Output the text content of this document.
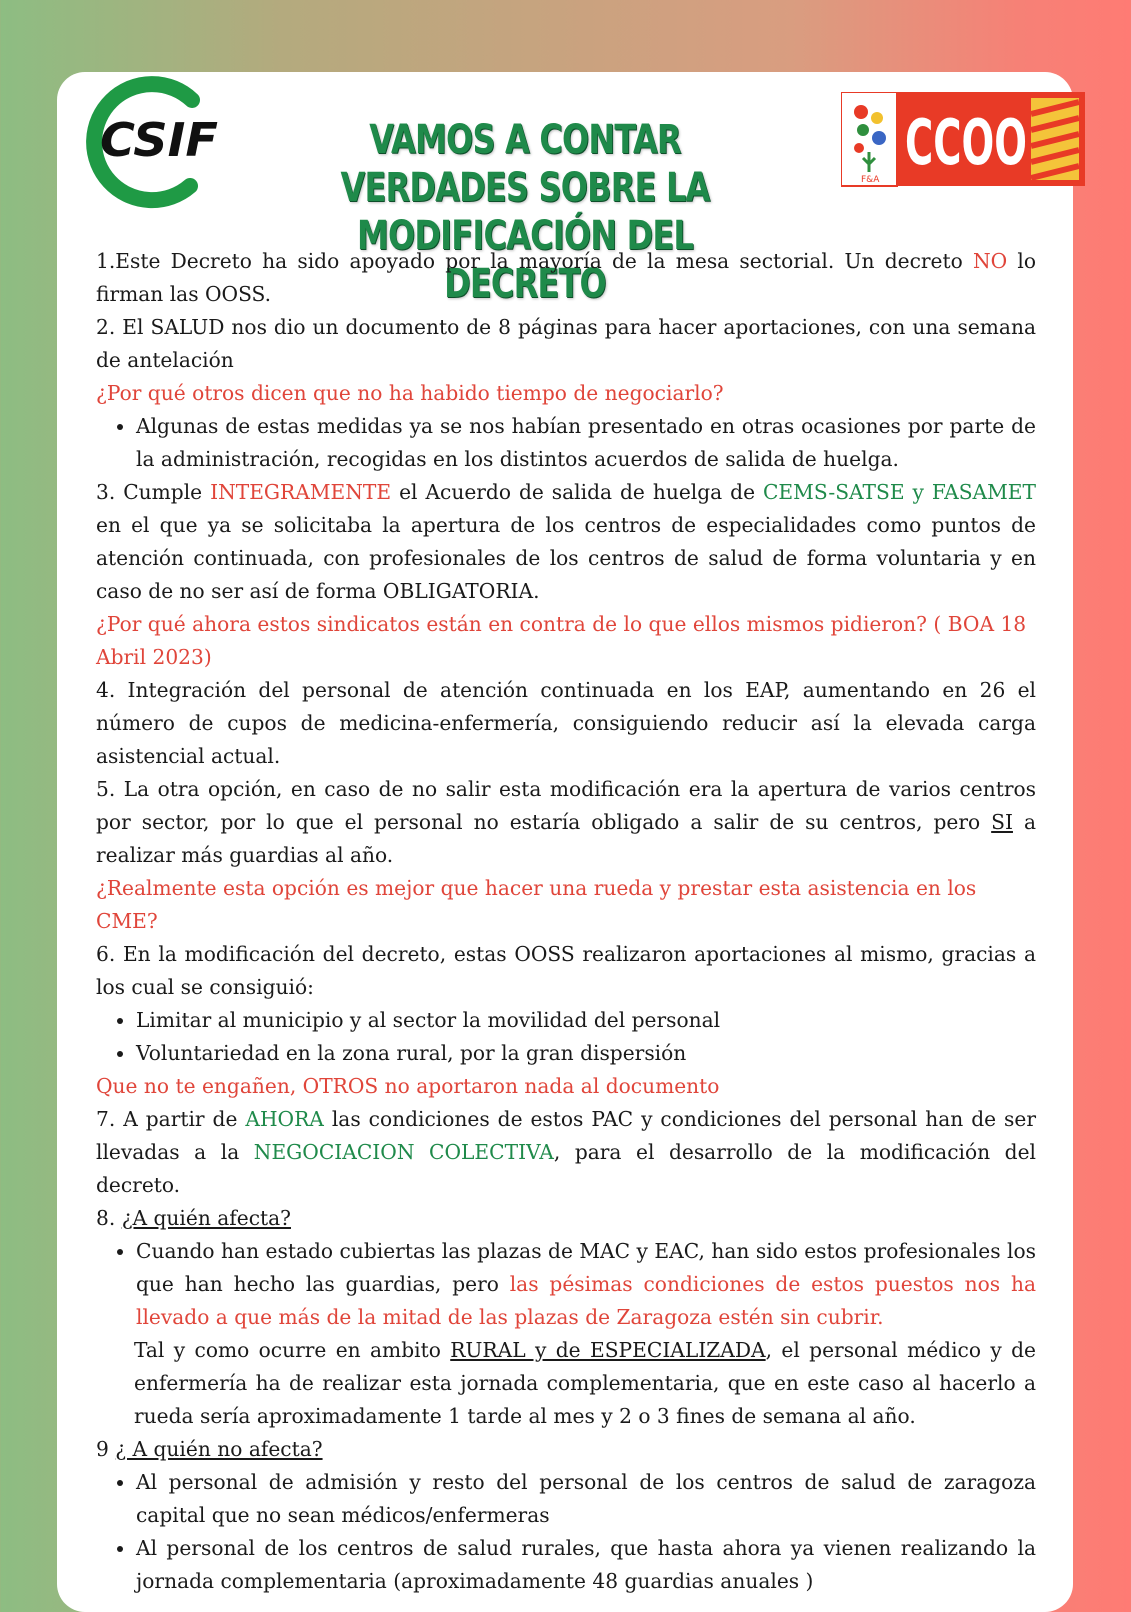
CSIF	VAMOS A CONTAR VERDADES SOBRE LA
MODIFICACIÓN DEL DECRETO
F&A
CCOO

1.Este Decreto ha sido apoyado por la mayoría de la mesa sectorial. Un decreto NO lo firman las OOSS.

2. El SALUD nos dio un documento de 8 páginas para hacer aportaciones, con una semana de antelación

¿Por qué otros dicen que no ha habido tiempo de negociarlo?

• Algunas de estas medidas ya se nos habían presentado en otras ocasiones por parte de la administración, recogidas en los distintos acuerdos de salida de huelga.

3. Cumple INTEGRAMENTE el Acuerdo de salida de huelga de CEMS-SATSE y FASAMET en el que ya se solicitaba la apertura de los centros de especialidades como puntos de atención continuada, con profesionales de los centros de salud de forma voluntaria y en caso de no ser así de forma OBLIGATORIA.

¿Por qué ahora estos sindicatos están en contra de lo que ellos mismos pidieron? ( BOA 18 Abril 2023)

4. Integración del personal de atención continuada en los EAP, aumentando en 26 el número de cupos de medicina-enfermería, consiguiendo reducir así la elevada carga asistencial actual.

5. La otra opción, en caso de no salir esta modificación era la apertura de varios centros por sector, por lo que el personal no estaría obligado a salir de su centros, pero SI a realizar más guardias al año.

¿Realmente esta opción es mejor que hacer una rueda y prestar esta asistencia en los CME?

6. En la modificación del decreto, estas OOSS realizaron aportaciones al mismo, gracias a los cual se consiguió:

• Limitar al municipio y al sector la movilidad del personal
• Voluntariedad en la zona rural, por la gran dispersión

Que no te engañen, OTROS no aportaron nada al documento

7. A partir de AHORA las condiciones de estos PAC y condiciones del personal han de ser llevadas a la NEGOCIACION COLECTIVA, para el desarrollo de la modificación del decreto.

8. ¿A quién afecta?

• Cuando han estado cubiertas las plazas de MAC y EAC, han sido estos profesionales los que han hecho las guardias, pero las pésimas condiciones de estos puestos nos ha llevado a que más de la mitad de las plazas de Zaragoza estén sin cubrir.

Tal y como ocurre en ambito RURAL y de ESPECIALIZADA, el personal médico y de enfermería ha de realizar esta jornada complementaria, que en este caso al hacerlo a rueda sería aproximadamente 1 tarde al mes y 2 o 3 fines de semana al año.

9 ¿ A quién no afecta?

• Al personal de admisión y resto del personal de los centros de salud de zaragoza capital que no sean médicos/enfermeras
• Al personal de los centros de salud rurales, que hasta ahora ya vienen realizando la jornada complementaria (aproximadamente 48 guardias anuales )
